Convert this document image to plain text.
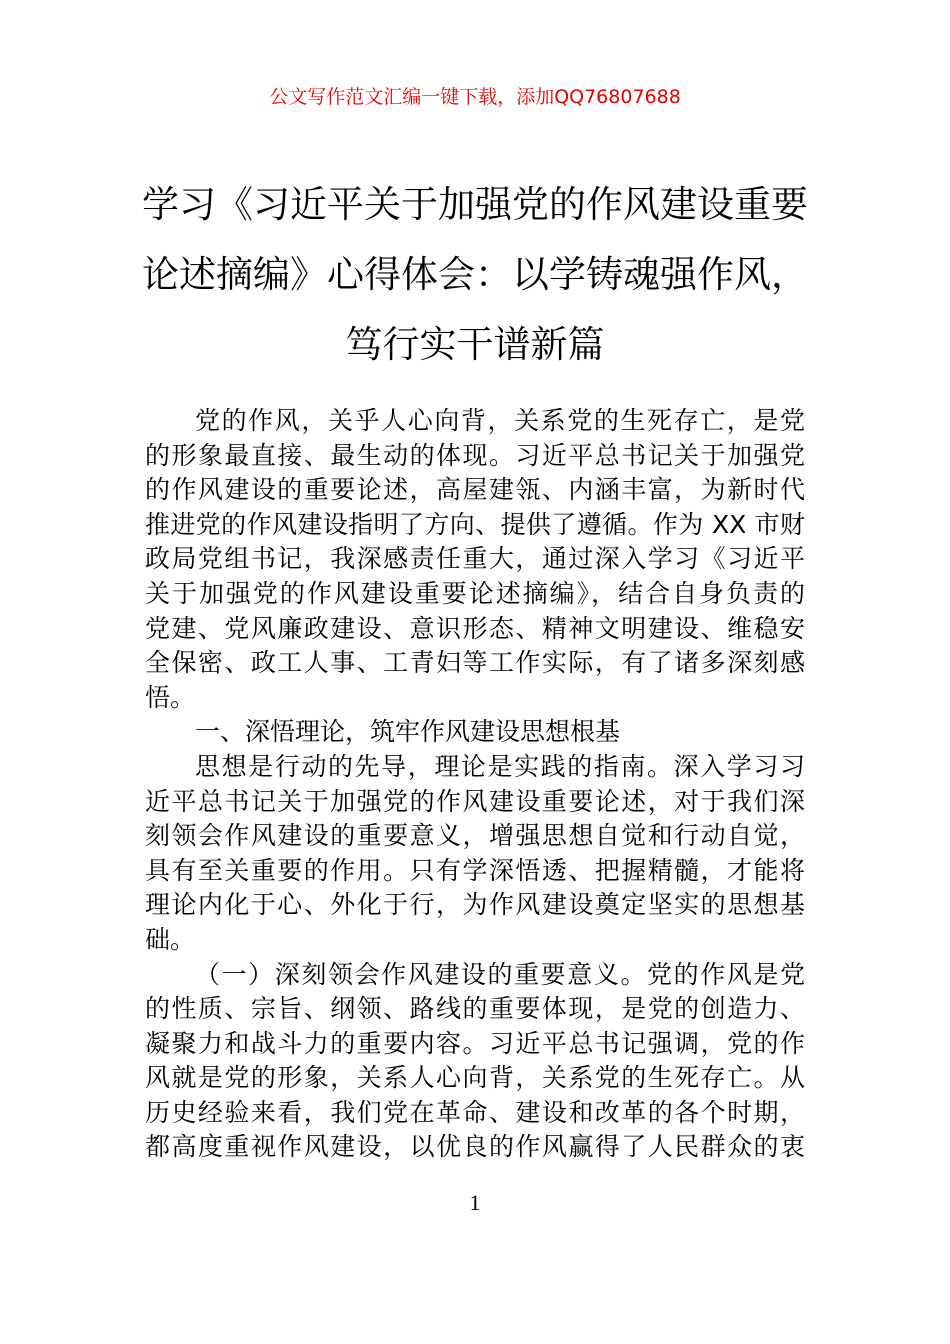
公文写作范文汇编一键下载，添加QQ76807688
学习《习近平关于加强党的作风建设重要
论述摘编》心得体会：以学铸魂强作风，
笃行实干谱新篇
党的作风，关乎人心向背，关系党的生死存亡，是党
的形象最直接、最生动的体现。习近平总书记关于加强党
的作风建设的重要论述，高屋建瓴、内涵丰富，为新时代
推进党的作风建设指明了方向、提供了遵循。作为 XX 市财
政局党组书记，我深感责任重大，通过深入学习《习近平
关于加强党的作风建设重要论述摘编》，结合自身负责的
党建、党风廉政建设、意识形态、精神文明建设、维稳安
全保密、政工人事、工青妇等工作实际，有了诸多深刻感
悟。
一、深悟理论，筑牢作风建设思想根基
思想是行动的先导，理论是实践的指南。深入学习习
近平总书记关于加强党的作风建设重要论述，对于我们深
刻领会作风建设的重要意义，增强思想自觉和行动自觉，
具有至关重要的作用。只有学深悟透、把握精髓，才能将
理论内化于心、外化于行，为作风建设奠定坚实的思想基
础。
（一）深刻领会作风建设的重要意义。党的作风是党
的性质、宗旨、纲领、路线的重要体现，是党的创造力、
凝聚力和战斗力的重要内容。习近平总书记强调，党的作
风就是党的形象，关系人心向背，关系党的生死存亡。从
历史经验来看，我们党在革命、建设和改革的各个时期，
都高度重视作风建设，以优良的作风赢得了人民群众的衷
1
